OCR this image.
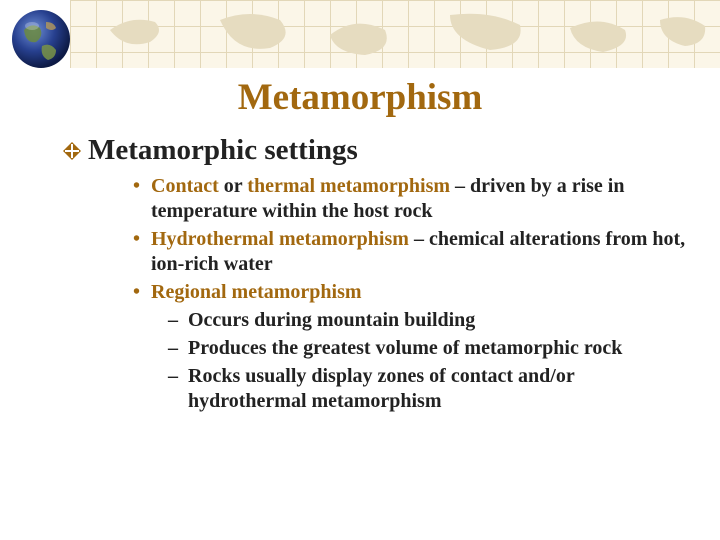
Metamorphism
Metamorphic settings
• Contact or thermal metamorphism – driven by a rise in temperature within the host rock
• Hydrothermal metamorphism – chemical alterations from hot, ion-rich water
• Regional metamorphism
– Occurs during mountain building
– Produces the greatest volume of metamorphic rock
– Rocks usually display zones of contact and/or hydrothermal metamorphism
